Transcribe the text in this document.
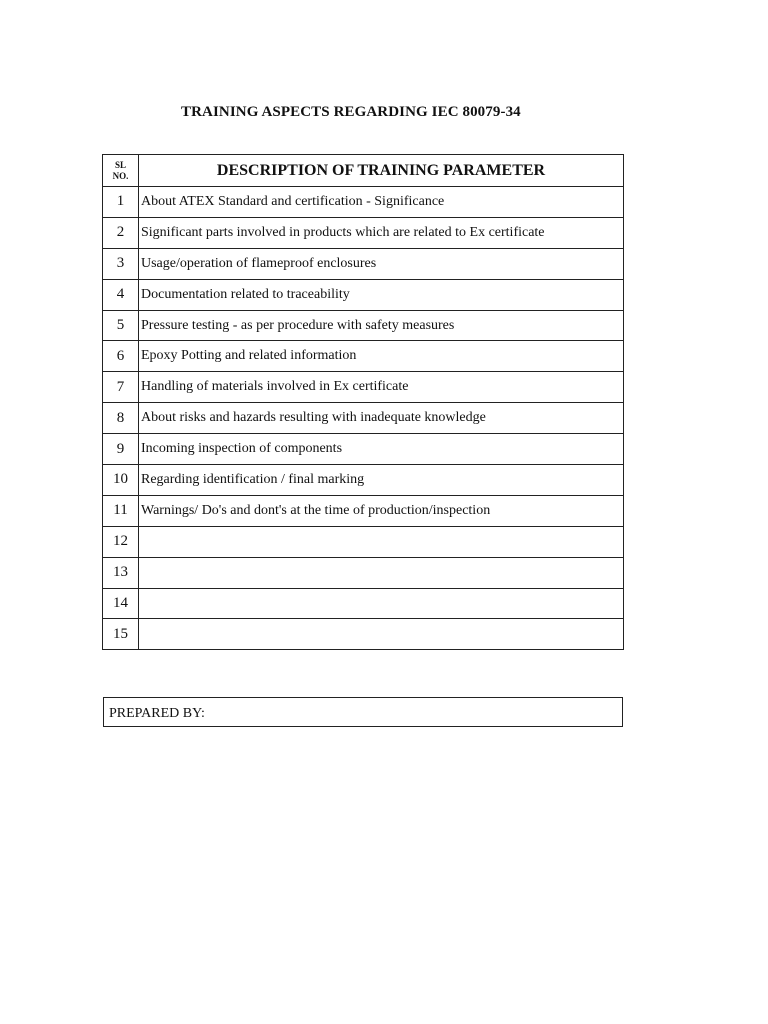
TRAINING ASPECTS REGARDING IEC 80079-34
SL
NO.	DESCRIPTION OF TRAINING PARAMETER
1	About ATEX Standard and certification - Significance
2	Significant parts involved in products which are related to Ex certificate
3	Usage/operation of flameproof enclosures
4	Documentation related to traceability
5	Pressure testing - as per procedure with safety measures
6	Epoxy Potting and related information
7	Handling of materials involved in Ex certificate
8	About risks and hazards resulting with inadequate knowledge
9	Incoming inspection of components
10	Regarding identification / final marking
11	Warnings/ Do's and dont's at the time of production/inspection
12	
13	
14	
15	
PREPARED BY:
